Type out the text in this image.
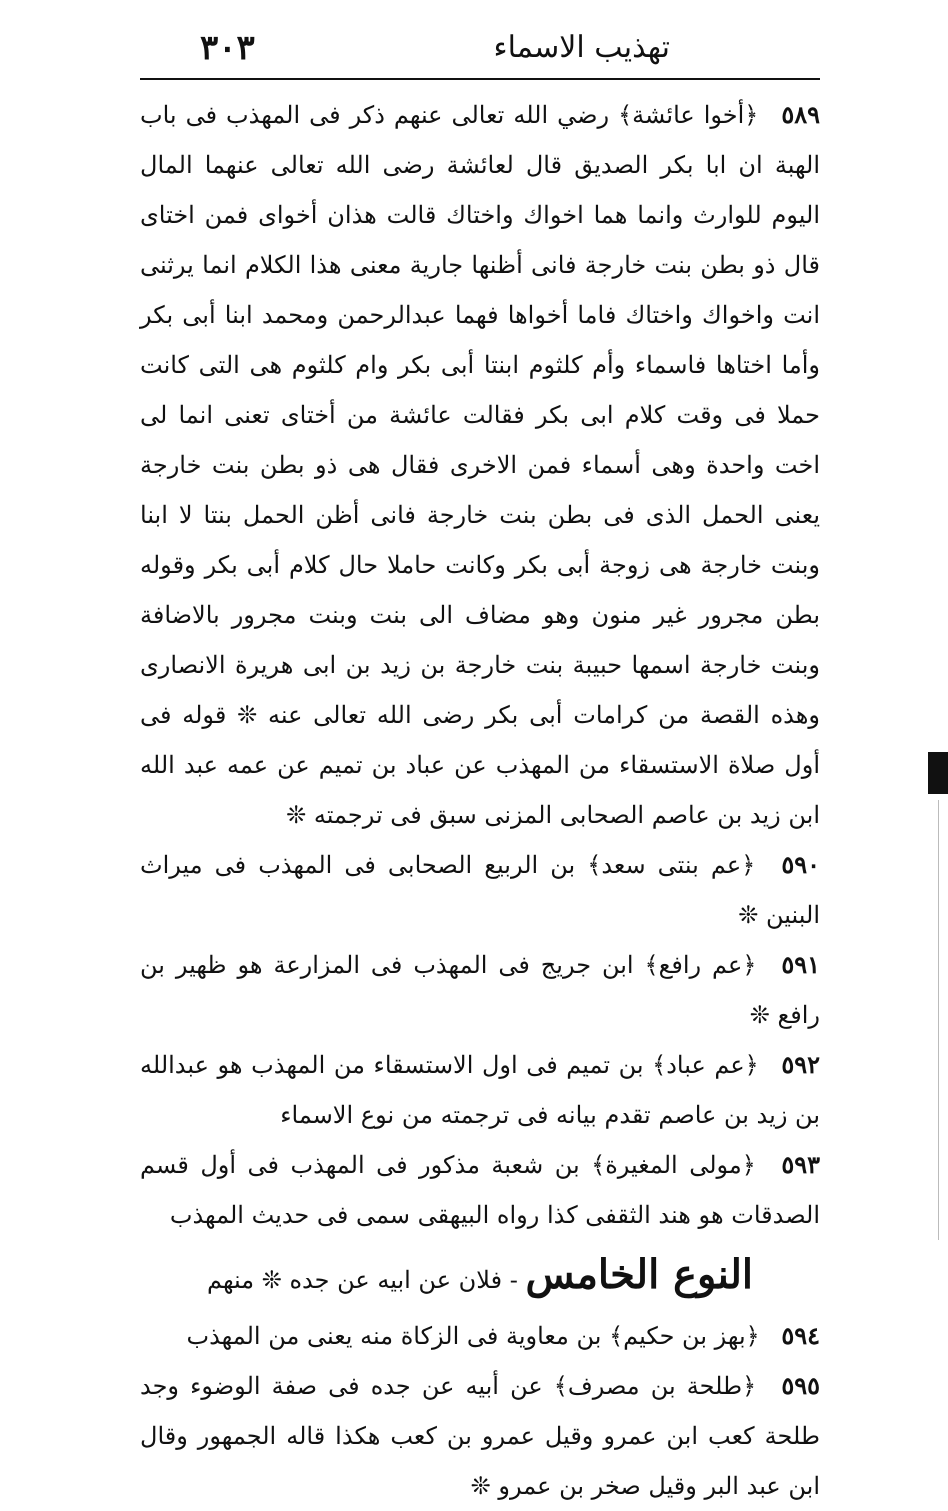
تهذيب الاسماء
٣٠٣

٥٨٩ ﴿أخوا عائشة﴾ رضي الله تعالى عنهم ذكر فى المهذب فى باب الهبة ان ابا بكر الصديق قال لعائشة رضى الله تعالى عنهما المال اليوم للوارث وانما هما اخواك واختاك قالت هذان أخواى فمن اختاى قال ذو بطن بنت خارجة فانى أظنها جارية معنى هذا الكلام انما يرثنى انت واخواك واختاك فاما أخواها فهما عبدالرحمن ومحمد ابنا أبى بكر وأما اختاها فاسماء وأم كلثوم ابنتا أبى بكر وام كلثوم هى التى كانت حملا فى وقت كلام ابى بكر فقالت عائشة من أختاى تعنى انما لى اخت واحدة وهى أسماء فمن الاخرى فقال هى ذو بطن بنت خارجة يعنى الحمل الذى فى بطن بنت خارجة فانى أظن الحمل بنتا لا ابنا وبنت خارجة هى زوجة أبى بكر وكانت حاملا حال كلام أبى بكر وقوله بطن مجرور غير منون وهو مضاف الى بنت وبنت مجرور بالاضافة وبنت خارجة اسمها حبيبة بنت خارجة بن زيد بن ابى هريرة الانصارى وهذه القصة من كرامات أبى بكر رضى الله تعالى عنه ❊ قوله فى أول صلاة الاستسقاء من المهذب عن عباد بن تميم عن عمه عبد الله ابن زيد بن عاصم الصحابى المزنى سبق فى ترجمته ❊

٥٩٠ ﴿عم بنتى سعد﴾ بن الربيع الصحابى فى المهذب فى ميراث البنين ❊

٥٩١ ﴿عم رافع﴾ ابن جريج فى المهذب فى المزارعة هو ظهير بن رافع ❊

٥٩٢ ﴿عم عباد﴾ بن تميم فى اول الاستسقاء من المهذب هو عبدالله بن زيد بن عاصم تقدم بيانه فى ترجمته من نوع الاسماء

٥٩٣ ﴿مولى المغيرة﴾ بن شعبة مذكور فى المهذب فى أول قسم الصدقات هو هند الثقفى كذا رواه البيهقى سمى فى حديث المهذب

النوع الخامس - فلان عن ابيه عن جده ❊ منهم

٥٩٤ ﴿بهز بن حكيم﴾ بن معاوية فى الزكاة منه يعنى من المهذب

٥٩٥ ﴿طلحة بن مصرف﴾ عن أبيه عن جده فى صفة الوضوء وجد طلحة كعب ابن عمرو وقيل عمرو بن كعب هكذا قاله الجمهور وقال ابن عبد البر وقيل صخر بن عمرو ❊
